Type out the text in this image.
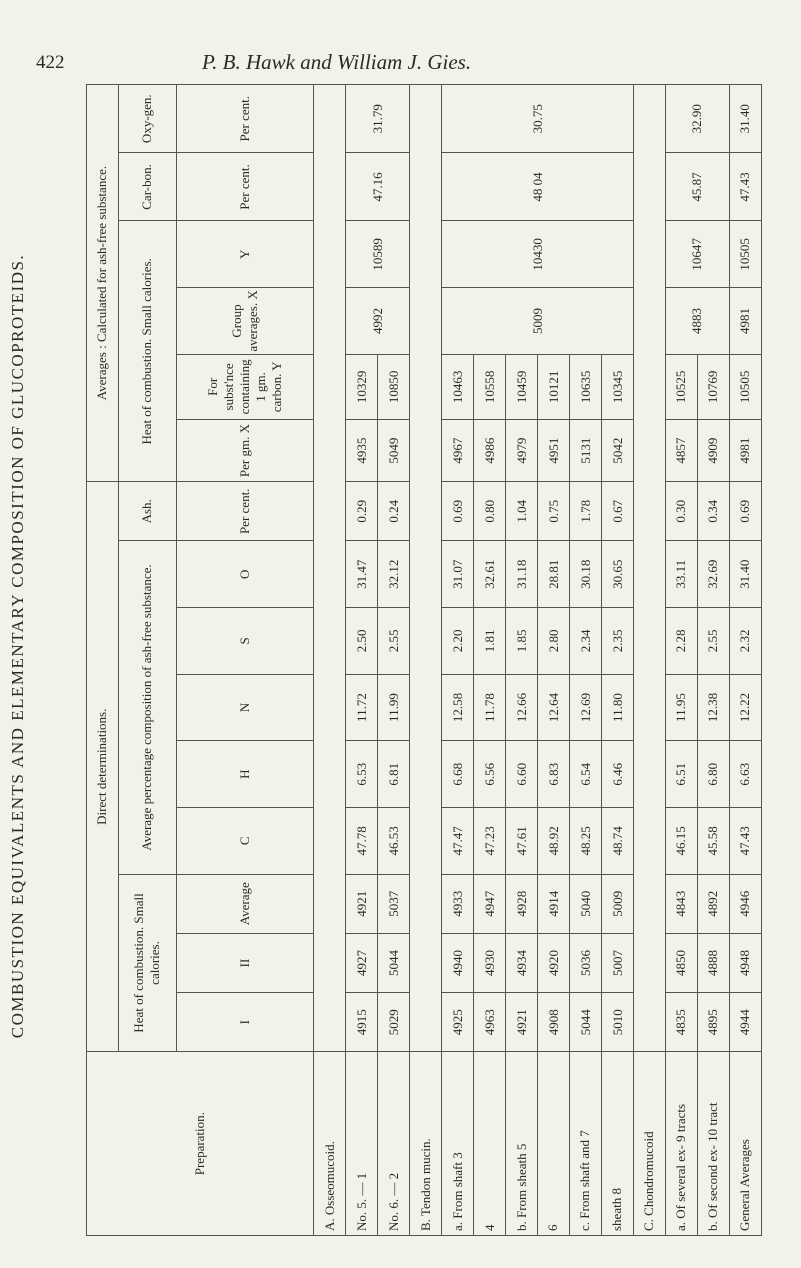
422	P. B. Hawk and William J. Gies.
COMBUSTION EQUIVALENTS AND ELEMENTARY COMPOSITION OF GLUCOPROTEIDS.
Preparation.	Direct determinations.									Averages : Calculated for ash-free substance.					
	Heat of combustion. Small calories.			Average percentage composition of ash-free substance.					Ash.	Heat of combustion. Small calories.				Car-bon.	Oxy-gen.
	I	II	Average	C	H	N	S	O	Per cent.	Per gm. X	For subst'nce containing 1 gm. carbon. Y	Group averages. X	Y	Per cent.	Per cent.
A. Osseomucoid.															
No. 5. — 1	4915	4927	4921	47.78	6.53	11.72	2.50	31.47	0.29	4935	10329	4992	10589	47.16	31.79
No. 6. — 2	5029	5044	5037	46.53	6.81	11.99	2.55	32.12	0.24	5049	10850				
B. Tendon mucin.															
a. From shaft 3	4925	4940	4933	47.47	6.68	12.58	2.20	31.07	0.69	4967	10463	5009	10430	48 04	30.75
4	4963	4930	4947	47.23	6.56	11.78	1.81	32.61	0.80	4986	10558				
b. From sheath 5	4921	4934	4928	47.61	6.60	12.66	1.85	31.18	1.04	4979	10459				
6	4908	4920	4914	48.92	6.83	12.64	2.80	28.81	0.75	4951	10121				
c. From shaft and 7	5044	5036	5040	48.25	6.54	12.69	2.34	30.18	1.78	5131	10635				
sheath 8	5010	5007	5009	48.74	6.46	11.80	2.35	30.65	0.67	5042	10345				
C. Chondromucoid															
a. Of several ex- 9 tracts	4835	4850	4843	46.15	6.51	11.95	2.28	33.11	0.30	4857	10525	4883	10647	45.87	32.90
b. Of second ex- 10 tract	4895	4888	4892	45.58	6.80	12.38	2.55	32.69	0.34	4909	10769				
General Averages	4944	4948	4946	47.43	6.63	12.22	2.32	31.40	0.69	4981	10505	4981	10505	47.43	31.40
